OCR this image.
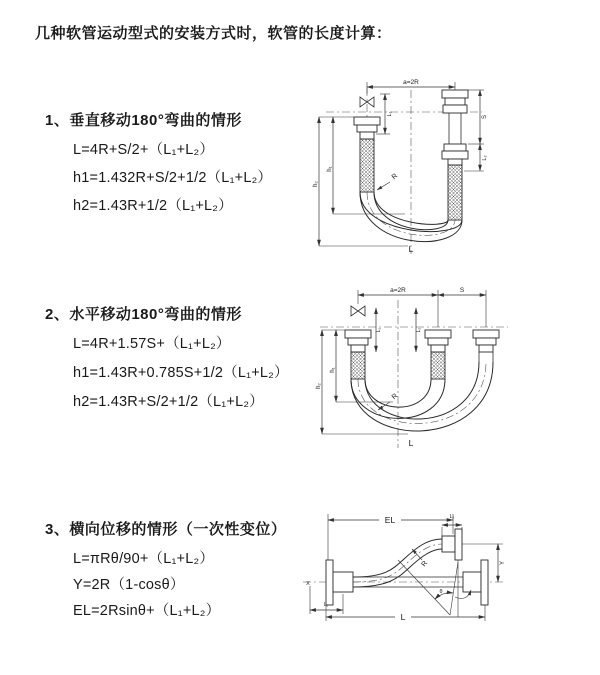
几种软管运动型式的安装方式时，软管的长度计算：
1、垂直移动180°弯曲的情形
L=4R+S/2+（L₁+L₂）
h1=1.432R+S/2+1/2（L₁+L₂）
h2=1.43R+1/2（L₁+L₂）
2、水平移动180°弯曲的情形
L=4R+1.57S+（L₁+L₂）
h1=1.43R+0.785S+1/2（L₁+L₂）
h2=1.43R+S/2+1/2（L₁+L₂）
3、横向位移的情形（一次性变位）
L=πRθ/90+（L₁+L₂）
Y=2R（1-cosθ）
EL=2Rsinθ+（L₁+L₂）
a=2R
L₁
h₁
h₂
S
L₂
R
L
a=2R	S
L₁	L₂
h₁
h₂
R
L
θ
EL	L₂
Y
L₁
L
R
X
